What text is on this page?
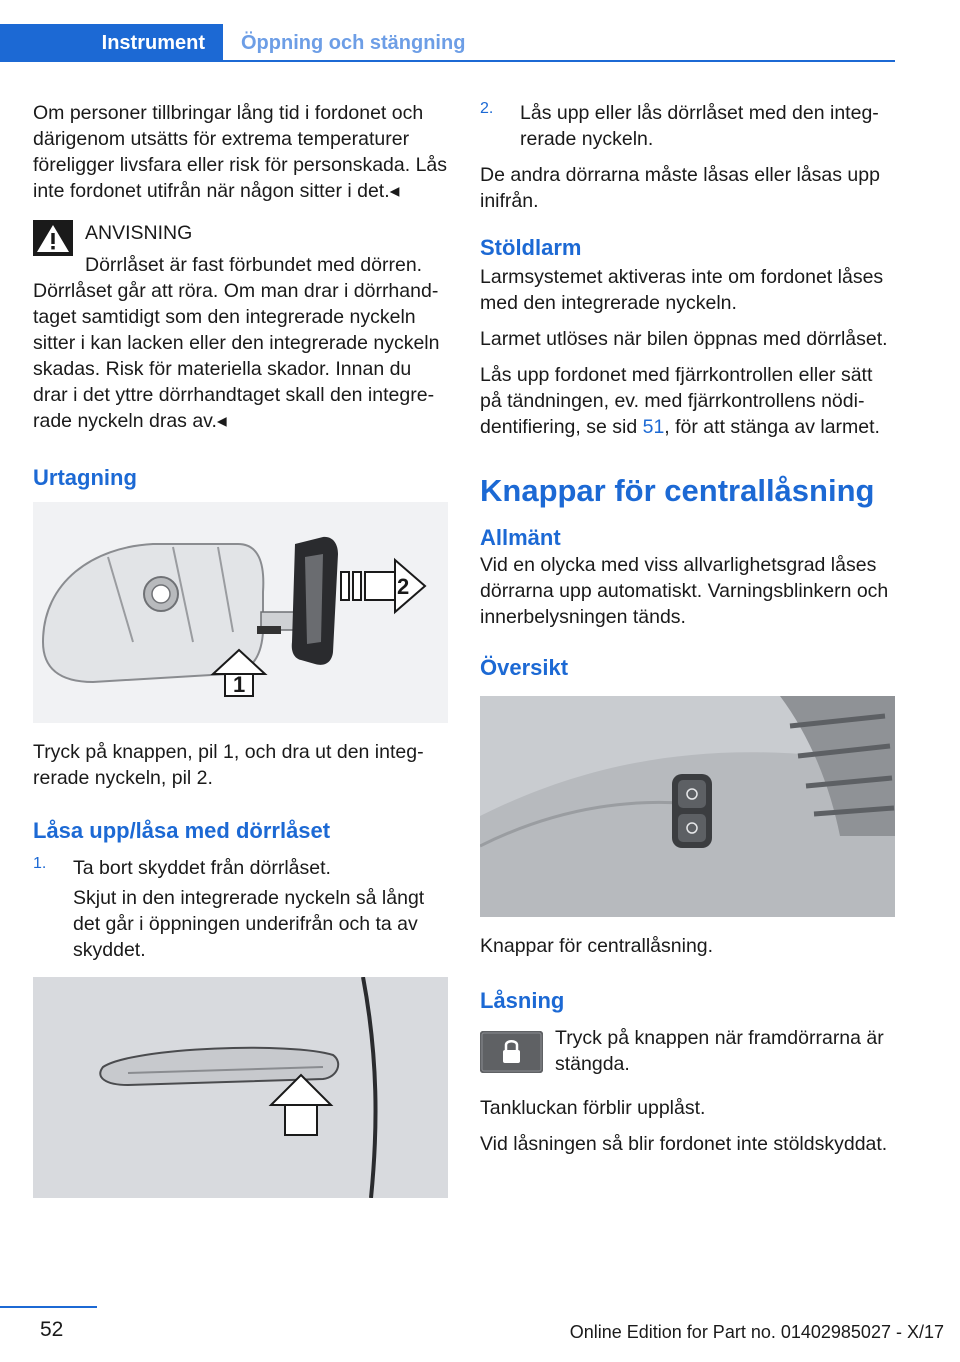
Instrument	Öppning och stängning

Om personer tillbringar lång tid i fordonet och därigenom utsätts för extrema temperaturer föreligger livsfara eller risk för personskada. Lås inte fordonet utifrån när någon sitter i det.◂

ANVISNING

Dörrlåset är fast förbundet med dörren.

Dörrlåset går att röra. Om man drar i dörrhandtaget samtidigt som den integrerade nyckeln sitter i kan lacken eller den integrerade nyckeln skadas. Risk för materiella skador. Innan du drar i det yttre dörrhandtaget skall den integrerade nyckeln dras av.◂

Urtagning
2
1

Tryck på knappen, pil 1, och dra ut den integrerade nyckeln, pil 2.

Låsa upp/låsa med dörrlåset
1. Ta bort skyddet från dörrlåset.

Skjut in den integrerade nyckeln så långt det går i öppningen underifrån och ta av skyddet.

2. Lås upp eller lås dörrlåset med den integrerade nyckeln.

De andra dörrarna måste låsas eller låsas upp inifrån.

Stöldlarm

Larmsystemet aktiveras inte om fordonet låses med den integrerade nyckeln.

Larmet utlöses när bilen öppnas med dörrlåset.

Lås upp fordonet med fjärrkontrollen eller sätt på tändningen, ev. med fjärrkontrollens nödidentifiering, se sid 51, för att stänga av larmet.

Knappar för centrallåsning
Allmänt

Vid en olycka med viss allvarlighetsgrad låses dörrarna upp automatiskt. Varningsblinkern och innerbelysningen tänds.

Översikt

Knappar för centrallåsning.

Låsning

Tryck på knappen när framdörrarna är stängda.

Tankluckan förblir upplåst.

Vid låsningen så blir fordonet inte stöldskyddat.

52	Online Edition for Part no. 01402985027 - X/17
